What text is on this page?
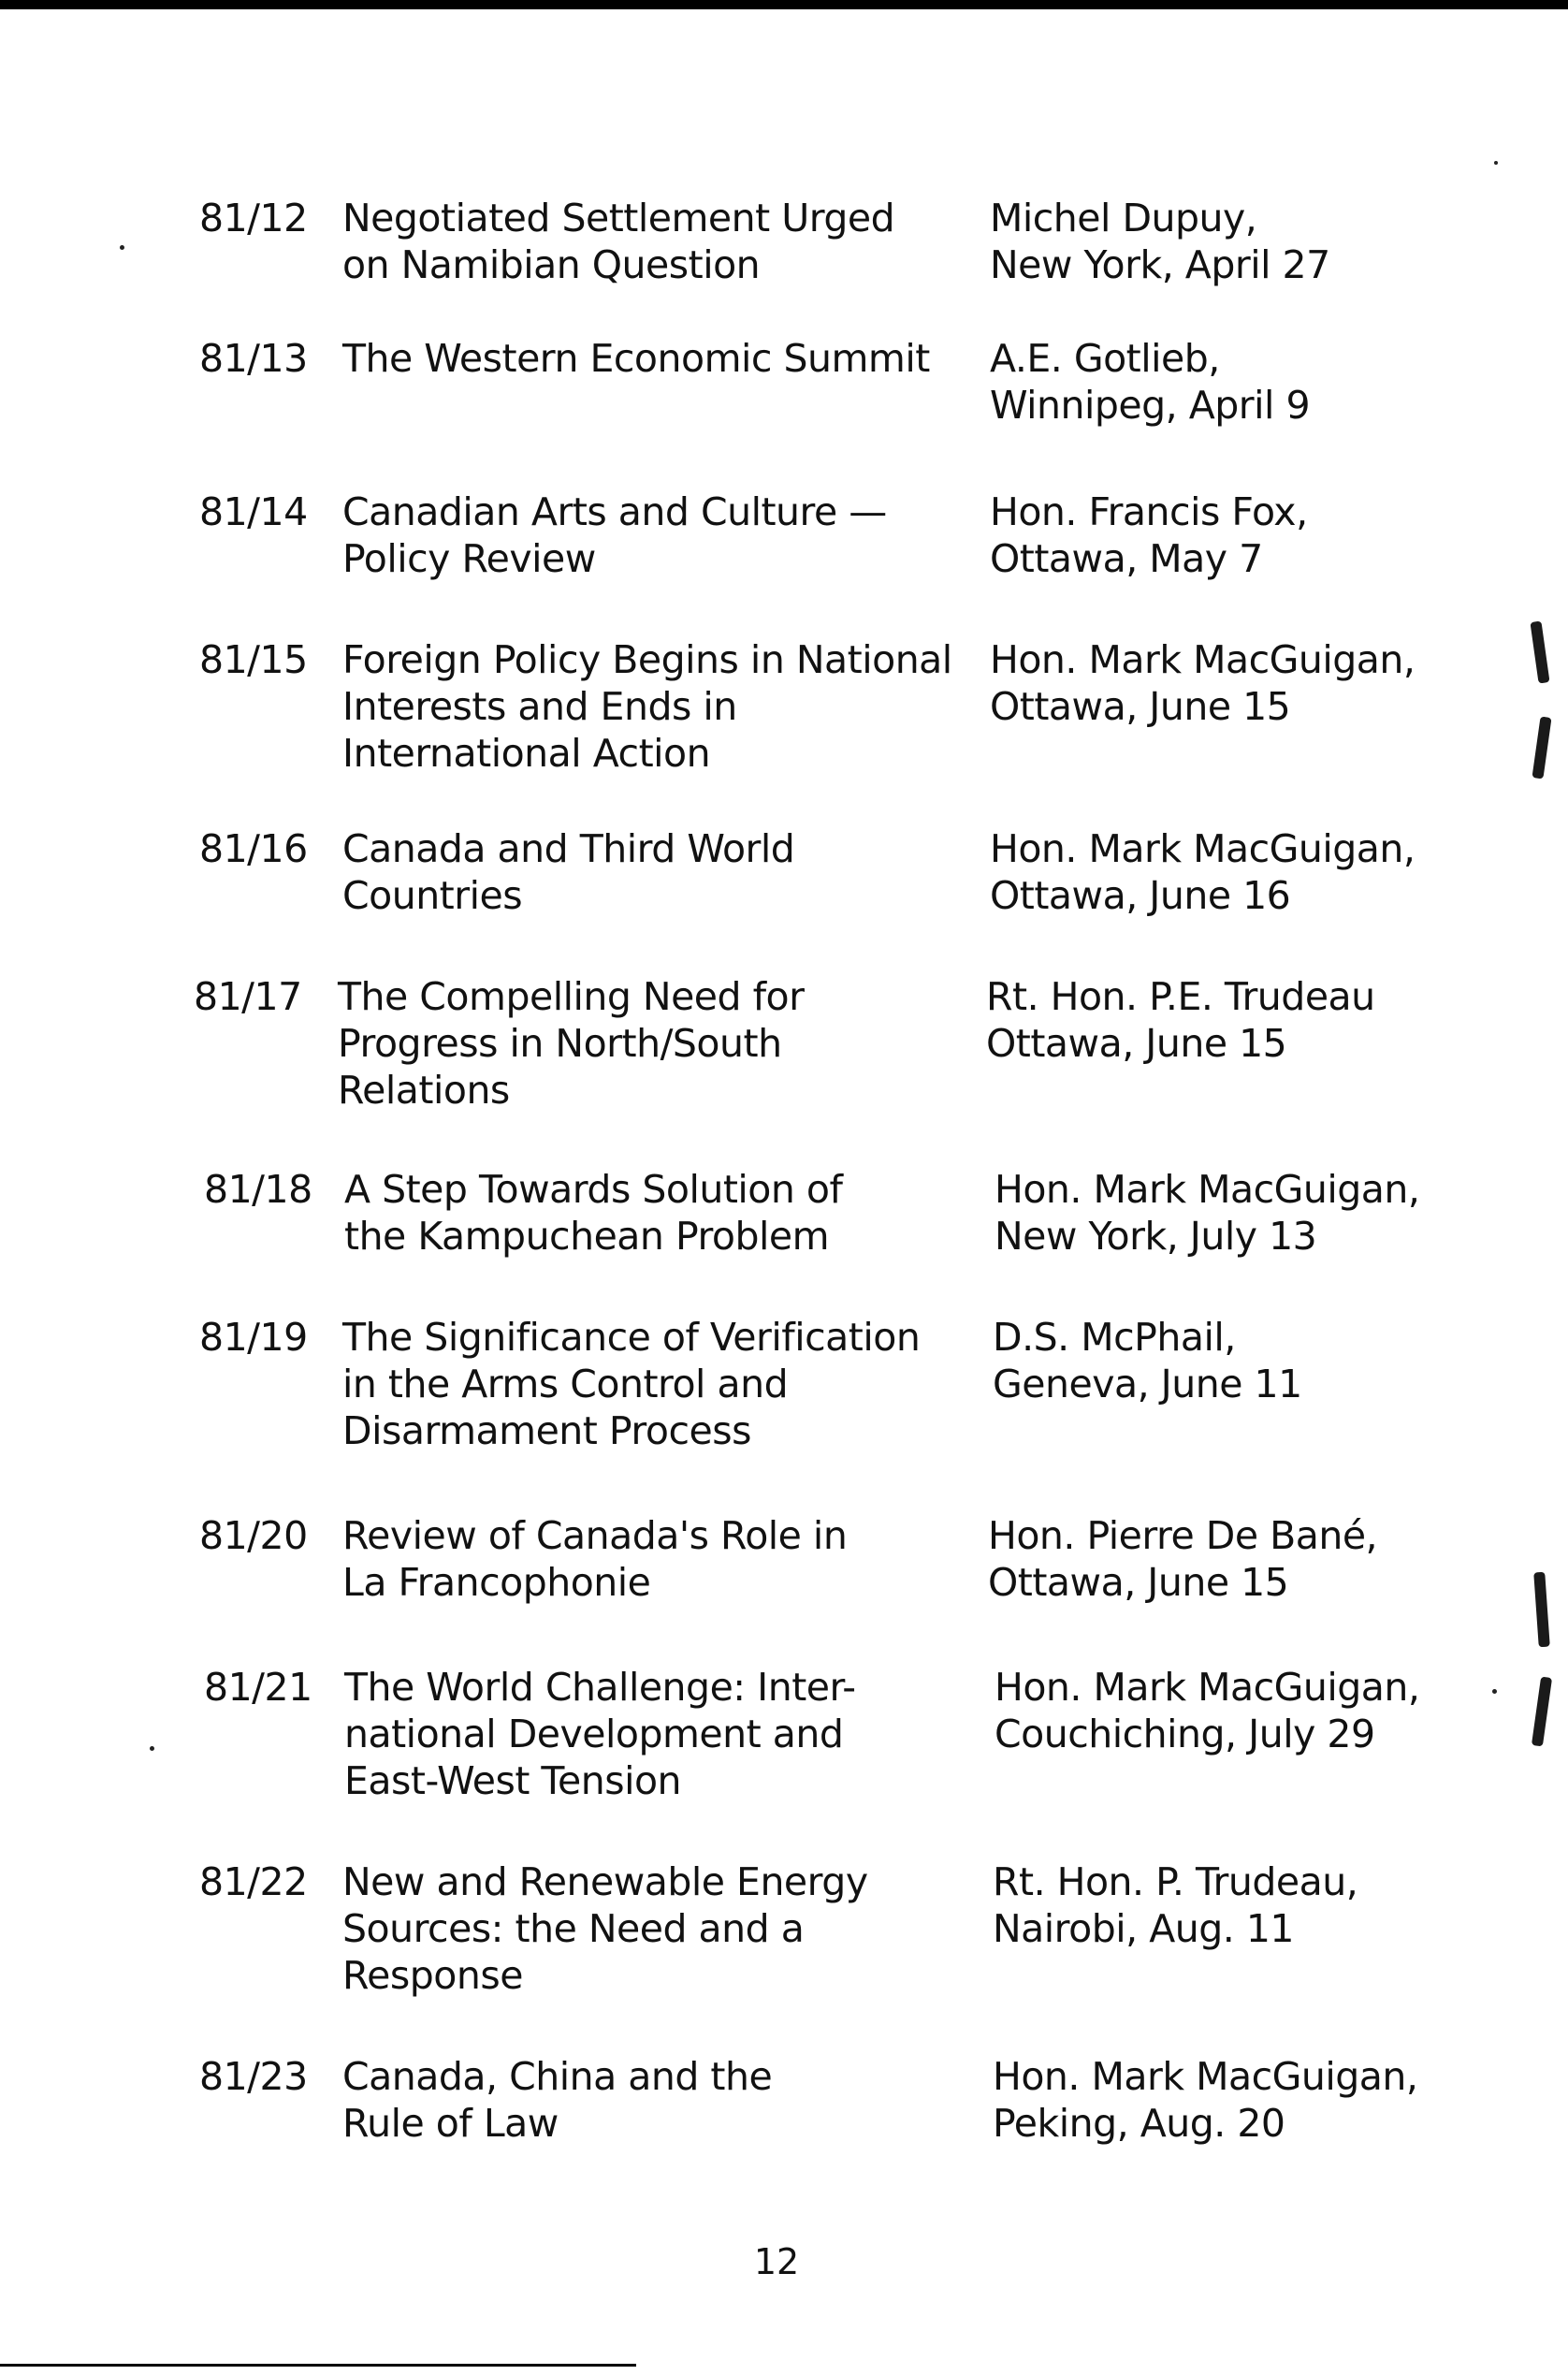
81/12 Negotiated Settlement Urged
on Namibian Question
Michel Dupuy,
New York, April 27
81/13 The Western Economic Summit	A.E. Gotlieb,
Winnipeg, April 9
81/14 Canadian Arts and Culture —
Policy Review
Hon. Francis Fox,
Ottawa, May 7
81/15 Foreign Policy Begins in National
Interests and Ends in
International Action
Hon. Mark MacGuigan,
Ottawa, June 15
81/16 Canada and Third World
Countries
Hon. Mark MacGuigan,
Ottawa, June 16
81/17 The Compelling Need for
Progress in North/South
Relations
Rt. Hon. P.E. Trudeau
Ottawa, June 15
81/18 A Step Towards Solution of
the Kampuchean Problem
Hon. Mark MacGuigan,
New York, July 13
81/19 The Significance of Verification
in the Arms Control and
Disarmament Process
D.S. McPhail,
Geneva, June 11
81/20 Review of Canada's Role in
La Francophonie
Hon. Pierre De Bané,
Ottawa, June 15
81/21 The World Challenge: Inter-
national Development and
East-West Tension
Hon. Mark MacGuigan,
Couchiching, July 29
81/22 New and Renewable Energy
Sources: the Need and a
Response
Rt. Hon. P. Trudeau,
Nairobi, Aug. 11
81/23 Canada, China and the
Rule of Law
Hon. Mark MacGuigan,
Peking, Aug. 20
12
